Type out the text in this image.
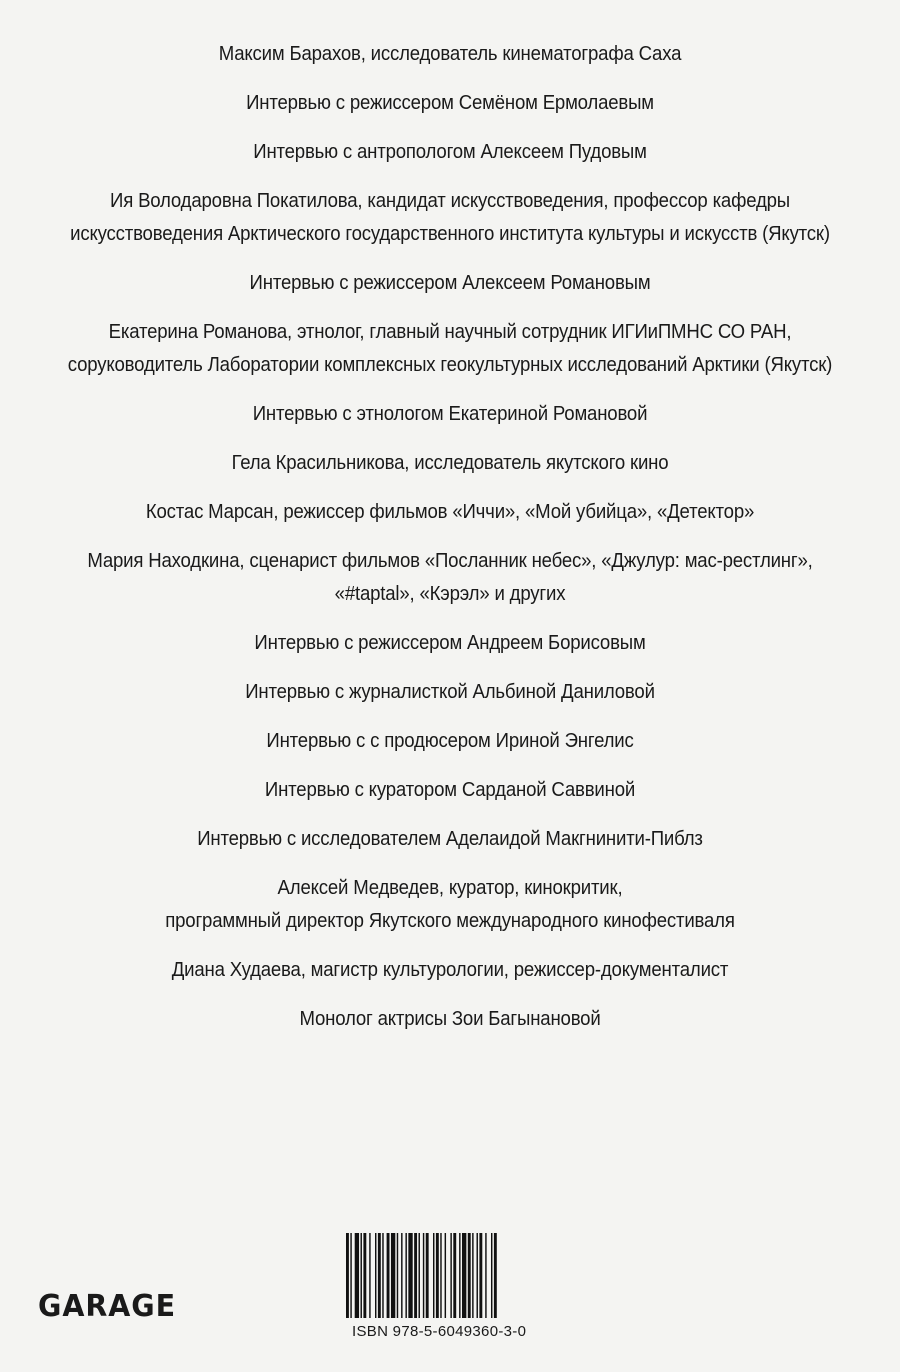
Максим Барахов, исследователь кинематографа Саха
Интервью с режиссером Семёном Ермолаевым
Интервью с антропологом Алексеем Пудовым
Ия Володаровна Покатилова, кандидат искусствоведения, профессор кафедры
искусствоведения Арктического государственного института культуры и искусств (Якутск)
Интервью с режиссером Алексеем Романовым
Екатерина Романова, этнолог, главный научный сотрудник ИГИиПМНС СО РАН,
соруководитель Лаборатории комплексных геокультурных исследований Арктики (Якутск)
Интервью с этнологом Екатериной Романовой
Гела Красильникова, исследователь якутского кино
Костас Марсан, режиссер фильмов «Иччи», «Мой убийца», «Детектор»
Мария Находкина, сценарист фильмов «Посланник небес», «Джулур: мас-рестлинг»,
«#taptal», «Кэрэл» и других
Интервью с режиссером Андреем Борисовым
Интервью с журналисткой Альбиной Даниловой
Интервью с с продюсером Ириной Энгелис
Интервью с куратором Сарданой Саввиной
Интервью с исследователем Аделаидой Макгнинити-Пиблз
Алексей Медведев, куратор, кинокритик,
программный директор Якутского международного кинофестиваля
Диана Худаева, магистр культурологии, режиссер-документалист
Монолог актрисы Зои Багынановой
GARAGE
ISBN 978-5-6049360-3-0
